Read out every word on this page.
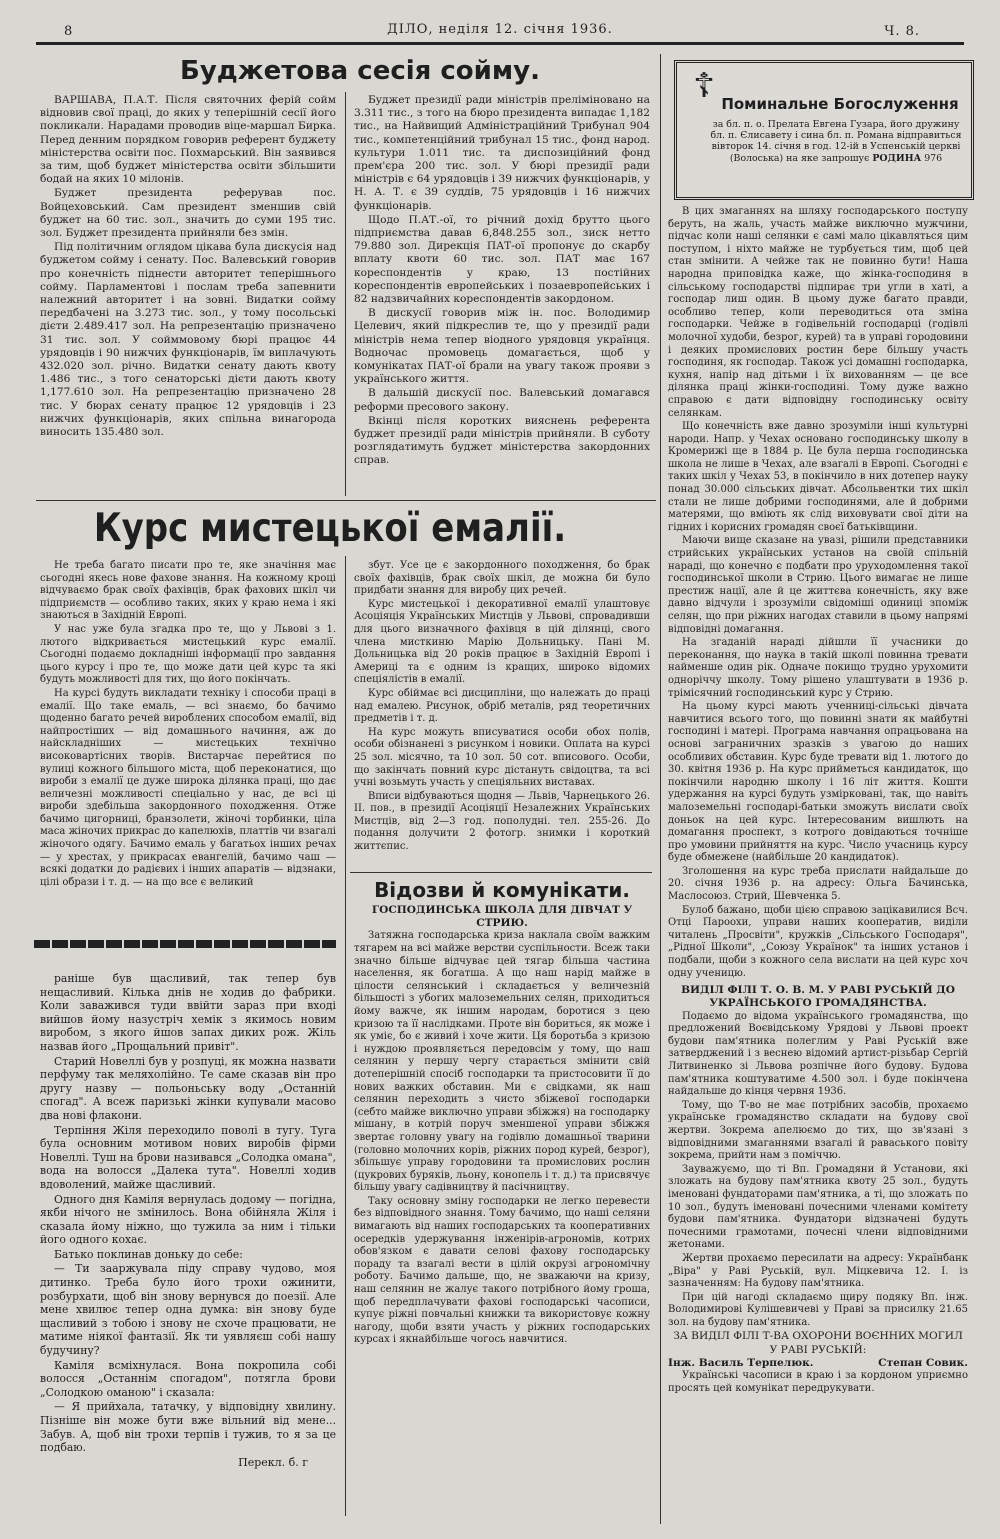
8	ДІЛО, неділя 12. січня 1936.	Ч. 8.
Буджетова сесія сойму.

ВАРШАВА, П.А.Т. Після святочних ферій сойм відновив свої праці, до яких у теперішній сесії його покликали. Нарадами проводив віце-маршал Бирка. Перед денним порядком говорив референт буджету міністерства освіти пос. Похмарський. Він заявився за тим, щоб буджет міністерства освіти збільшити бодай на яких 10 мілонів.

Буджет президента реферував пос. Войцеховський. Сам президент зменшив свій буджет на 60 тис. зол., значить до суми 195 тис. зол. Буджет президента прийняли без змін.

Під політичним оглядом цікава була дискусія над буджетом сойму і сенату. Пос. Валевський говорив про конечність піднести авторитет теперішнього сойму. Парламентові і послам треба запевнити належний авторитет і на зовні. Видатки сойму передбачені на 3.273 тис. зол., у тому посольські дієти 2.489.417 зол. На репрезентацію призначено 31 тис. зол. У сойммовому бюрі працює 44 урядовців і 90 нижчих функціонарів, їм виплачують 432.020 зол. річно. Видатки сенату дають квоту 1.486 тис., з того сенаторські дієти дають квоту 1,177.610 зол. На репрезентацію призначено 28 тис. У бюрах сенату працює 12 урядовців і 23 нижчих функціонарів, яких спільна винагорода виносить 135.480 зол.

Буджет президії ради міністрів преліміновано на 3.311 тис., з того на бюро президента випадає 1,182 тис., на Найвищий Адміністраційний Трибунал 904 тис., компетенційний трибунал 15 тис., фонд народ. культури 1.011 тис. та диспозиційний фонд прем'єра 200 тис. зол. У бюрі президії ради міністрів є 64 урядовців і 39 нижчих функціонарів, у Н. А. Т. є 39 суддів, 75 урядовців і 16 нижчих функціонарів.

Щодо П.АТ.-ої, то річний дохід брутто цього підприємства давав 6,848.255 зол., зиск нетто 79.880 зол. Дирекція ПАТ-ої пропонує до скарбу вплату квоти 60 тис. зол. ПАТ має 167 кореспондентів у краю, 13 постійних кореспондентів европейських і позаевропейських і 82 надзвичайних кореспондентів закордоном.

В дискусії говорив між ін. пос. Володимир Целевич, який підкреслив те, що у президії ради міністрів нема тепер віодного урядовця українця. Водночас промовець домагається, щоб у комунікатах ПАТ-ої брали на увагу також прояви з українського життя.

В дальшій дискусії пос. Валевський домагався реформи пресового закону.

Вкінці після коротких вияснень референта буджет президії ради міністрів прийняли. В суботу розглядатимуть буджет міністерства закордонних справ.

☦ Поминальне Богослуження
за бл. п. о. Прелата Евгена Гузара, його дружину бл. п. Єлисавету і сина бл. п. Романа відправиться вівторок 14. січня в год. 12-ій в Успенській церкві (Волоська) на яке запрошує РОДИНА 976
Курс мистецької емалії.

Не треба багато писати про те, яке значіння має сьогодні якесь нове фахове знання. На кожному кроці відчуваємо брак своїх фахівців, брак фахових шкіл чи підприємств — особливо таких, яких у краю нема і які знаються в Західній Европі.

У нас уже була згадка про те, що у Львові з 1. лютого відкривається мистецький курс емалії. Сьогодні подаємо докладніші інформації про завдання цього курсу і про те, що може дати цей курс та які будуть можливості для тих, що його покінчать.

На курсі будуть викладати техніку і способи праці в емалії. Що таке емаль, — всі знаємо, бо бачимо щоденно багато речей вироблених способом емалії, від найпростіших — від домашнього начиння, аж до найскладніших — мистецьких технічно високовартісних творів. Вистарчає перейтися по вулиці кожного більшого міста, щоб переконатися, що вироби з емалії це дуже широка ділянка праці, що дає величезні можливості спеціально у нас, де всі ці вироби здебільша закордонного походження. Отже бачимо цигорниці, бранзолети, жіночі торбинки, ціла маса жіночих прикрас до капелюхів, платтів чи взагалі жіночого одягу. Бачимо емаль у багатьох інших речах — у хрестах, у прикрасах евангелій, бачимо чаш — всякі додатки до радієвих і інших апаратів — відзнаки, цілі образи і т. д. — на що все є великий

збут. Усе це є закордонного походження, бо брак своїх фахівців, брак своїх шкіл, де можна би було придбати знання для виробу цих речей.

Курс мистецької і декоративної емалії улаштовує Асоціяція Українських Мистців у Львові, спровадивши для цього визначного фахівця в цій ділянці, свого члена мисткиню Марію Дольницьку. Пані М. Дольницька від 20 років працює в Західній Европі і Америці та є одним із кращих, широко відомих спеціялістів в емалії.

Курс обіймає всі дисципліни, що належать до праці над емалею. Рисунок, обріб металів, ряд теоретичних предметів і т. д.

На курс можуть вписуватися особи обох полів, особи обізнанені з рисунком і новики. Оплата на курсі 25 зол. місячно, та 10 зол. 50 сот. вписового. Особи, що закінчать повний курс дістануть свідоцтва, та всі учні возьмуть участь у спеціяльних виставах.

Вписи відбуваються щодня — Львів, Чарнецького 26. II. пов., в президії Асоціяції Незалежних Українських Мистців, від 2—3 год. пополудні. тел. 255-26. До подання долучити 2 фотогр. знимки і короткий життєпис.

раніше був щасливий, так тепер був нещасливий. Кілька днів не ходив до фабрики. Коли заважився туди ввійти зараз при вході вийшов йому назустріч хемік з якимось новим виробом, з якого йшов запах диких рож. Жіль назвав його „Прощальний привіт".

Старий Новеллі був у розпуці, як можна назвати перфуму так меляхолійно. Те саме сказав він про другу назву — польоньську воду „Останній спогад". А всеж паризькі жінки купували масово два нові флакони.

Терпіння Жіля переходило поволі в тугу. Туга була основним мотивом нових виробів фірми Новеллі. Туш на брови називався „Солодка омана", вода на волосся „Далека тута". Новеллі ходив вдоволений, майже щасливий.

Одного дня Каміля вернулась додому — погідна, якби нічого не змінилось. Вона обійняла Жіля і сказала йому ніжно, що тужила за ним і тільки його одного кохає.

Батько поклинав доньку до себе:

— Ти зааржувала піду справу чудово, моя дитинко. Треба було його трохи ожинити, розбурхати, щоб він знову вернувся до поезії. Але мене хвилює тепер одна думка: він знову буде щасливий з тобою і знову не схоче працювати, не матиме ніякої фантазії. Як ти уявляєш собі нашу будучину?

Каміля всміхнулася. Вона покропила собі волосся „Останнім спогадом", потягла брови „Солодкою оманою" і сказала:

— Я прийхала, татачку, у відповідну хвилину. Пізніше він може бути вже вільний від мене... Забув. А, щоб він трохи терпів і тужив, то я за це подбаю.

Перекл. б. г
Відозви й комунікати.
ГОСПОДИНСЬКА ШКОЛА ДЛЯ ДІВЧАТ У СТРИЮ.

Затяжна господарська криза наклала своїм важким тягарем на всі майже верстви суспільности. Всеж таки значно більше відчуває цей тягар більша частина населення, як богатша. А що наш нарід майже в цілости селянський і складається у величезній більшості з убогих малоземельних селян, приходиться йому важче, як іншим народам, боротися з цею кризою та її наслідками. Проте він бориться, як може і як уміє, бо є живий і хоче жити. Ця боротьба з кризою і нуждою проявляється передовсім у тому, що наш селянин у першу чергу старається змінити свій дотеперішній спосіб господарки та пристосовити її до нових важких обставин. Ми є свідками, як наш селянин переходить з чисто збіжевої господарки (себто майже виключно управи збіжжя) на господарку мішану, в котрій поруч зменшеної управи збіжжя звертає головну увагу на годівлю домашньої тварини (головно молочних корів, ріжних пород курей, безрог), збільшує управу городовини та промислових рослин (цукрових буряків, льону, конопель і т. д.) та присвячує більшу увагу садівництву й пасічництву.

Таку основну зміну господарки не легко перевести без відповідного знання. Тому бачимо, що наші селяни вимагають від наших господарських та кооперативних осередків удержування інженірів-агрономів, котрих обов'язком є давати селові фахову господарську пораду та взагалі вести в цілій окрузі агрономічну роботу. Бачимо дальше, що, не зважаючи на кризу, наш селянин не жалує такого потрібного йому гроша, щоб передплачувати фахові господарські часописи, купує ріжні повчальні книжки та використовує кожну нагоду, щоби взяти участь у ріжних господарських курсах і якнайбільше чогось навчитися.

В цих змаганнях на шляху господарського поступу беруть, на жаль, участь майже виключно мужчини, підчас коли наші селянки є самі мало цікавляться цим поступом, і ніхто майже не турбується тим, щоб цей стан змінити. А чейже так не повинно бути! Наша народна приповідка каже, що жінка-господиня в сільському господарстві підпирає три угли в хаті, а господар лиш один. В цьому дуже багато правди, особливо тепер, коли переводиться ота зміна господарки. Чейже в годівельній господарці (годівлі молочної худоби, безрог, курей) та в управі городовини і деяких промислових ростин бере більшу участь господиня, як господар. Також усі домашні господарка, кухня, напір над дітьми і їх вихованням — це все ділянка праці жінки-господині. Тому дуже важно справою є дати відповідну господинську освіту селянкам.

Що конечність вже давно зрозуміли інші культурні народи. Напр. у Чехах основано господинську школу в Кромерижі ще в 1884 р. Це була перша господинська школа не лише в Чехах, але взагалі в Европі. Сьогодні є таких шкіл у Чехах 53, в покінчило в них дотепер науку понад 30.000 сільських дівчат. Абсольвентки тих шкіл стали не лише добрими господинями, але й добрими матерями, що вміють як слід виховувати свої діти на гідних і корисних громадян своєї батьківщини.

Маючи вище сказане на увазі, рішили представники стрийських українських установ на своїй спільній нараді, що конечно є подбати про уруходомлення такої господинської школи в Стрию. Цього вимагає не лише престиж нації, але й це життєва конечність, яку вже давно відчули і зрозуміли свідоміші одиниці зпоміж селян, що при ріжних нагодах ставили в цьому напрямі відповідні домагання.

На згаданій нараді дійшли її учасники до переконання, що наука в такій школі повинна тревати найменше один рік. Одначе покищо трудно урухомити одноріччу школу. Тому рішено улаштувати в 1936 р. трімісячний господинський курс у Стрию.

На цьому курсі мають ученниці-сільські дівчата навчитися всього того, що повинні знати як майбутні господині і матері. Програма навчання опрацьована на основі заграничних зразків з увагою до наших особливих обставин. Курс буде тревати від 1. лютого до 30. квітня 1936 р. На курс прийметься кандидаток, що покінчили народню школу і 16 літ життя. Кошти удержання на курсі будуть узмірковані, так, що навіть малоземельні господарі-батьки зможуть вислати своїх доньок на цей курс. Інтересованим вишлють на домагання проспект, з котрого довідаються точніше про умовини прийняття на курс. Число учасниць курсу буде обмежене (найбільше 20 кандидаток).

Зголошення на курс треба прислати найдальше до 20. січня 1936 р. на адресу: Ольга Бачинська, Маслосоюз. Стрий, Шевченка 5.

Булоб бажано, щоби цією справою зацікавилися Всч. Отці Пароохи, управи наших кооператив, виділи читалень „Просвіти", кружків „Сільського Господаря", „Рідної Школи", „Союзу Українок" та інших установ і подбали, щоби з кожного села вислати на цей курс хоч одну ученицю.

ВИДІЛ ФІЛІ Т. О. В. М. У РАВІ РУСЬКІЙ ДО УКРАЇНСЬКОГО ГРОМАДЯНСТВА.

Подаємо до відома українського громадянства, що предложений Воєвідському Урядові у Львові проект будови пам'ятника полеглим у Раві Руській вже затверджений і з веснею відомий артист-різьбар Сергій Литвиненко зі Львова розпічне його будову. Будова пам'ятника коштуватиме 4.500 зол. і буде покінчена найдальше до кінця червня 1936.

Тому, що Т-во не має потрібних засобів, прохаємо українське громадянство складати на будову свої жертви. Зокрема апелюємо до тих, що зв'язані з відповідними змаганнями взагалі й раваського повіту зокрема, прийти нам з поміччю.

Зауважуємо, що ті Вп. Громадяни й Установи, які зложать на будову пам'ятника квоту 25 зол., будуть іменовані фундаторами пам'ятника, а ті, що зложать по 10 зол., будуть іменовані почесними членами комітету будови пам'ятника. Фундатори відзначені будуть почесними грамотами, почесні члени відповідними жетонами.

Жертви прохаємо пересилати на адресу: Українбанк „Віра" у Раві Руській, вул. Міцкевича 12. І. із зазначенням: На будову пам'ятника.

При цій нагоді складаємо щиру подяку Вп. інж. Володимирові Кулішевичеві у Праві за присилку 21.65 зол. на будову пам'ятника.

ЗА ВИДІЛ ФІЛІ Т-ВА ОХОРОНИ ВОЄННИХ МОГИЛ У РАВІ РУСЬКІЙ:
Інж. Василь Терпелюк.	Степан Совик.

Українські часописи в краю і за кордоном уприємно просять цей комунікат передрукувати.
